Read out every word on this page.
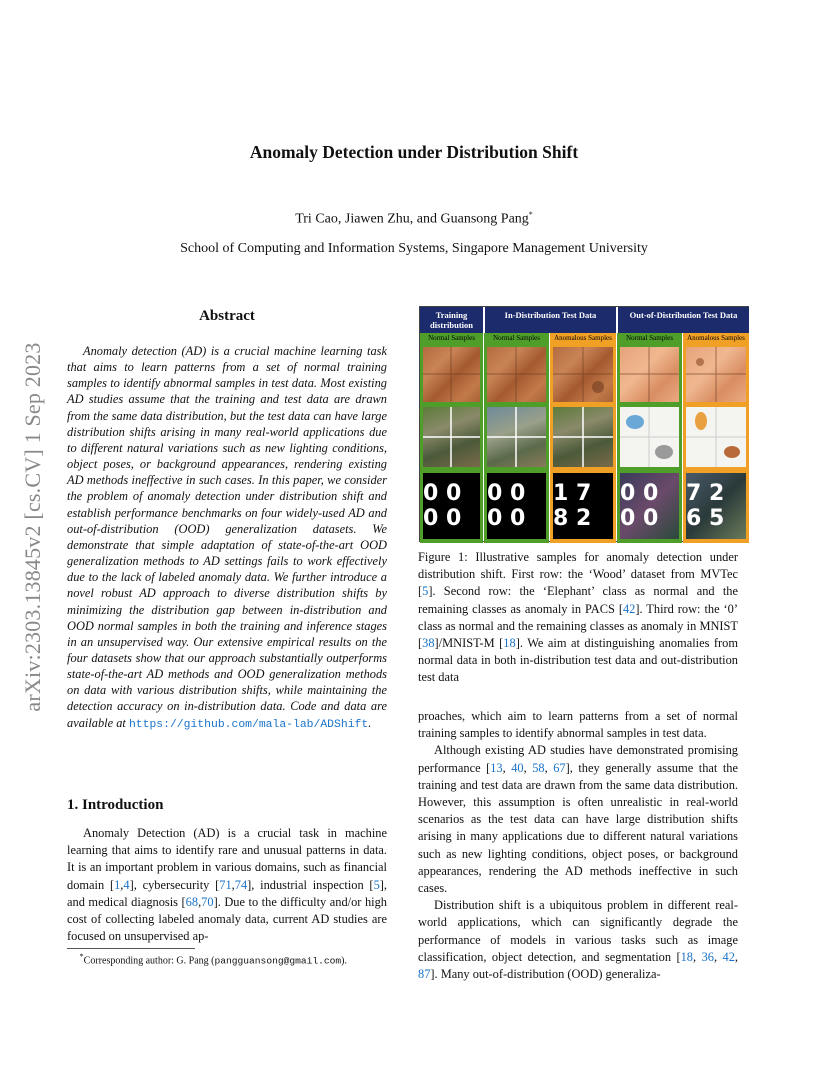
Anomaly Detection under Distribution Shift
Tri Cao, Jiawen Zhu, and Guansong Pang*
School of Computing and Information Systems, Singapore Management University
arXiv:2303.13845v2 [cs.CV] 1 Sep 2023
Abstract

Anomaly detection (AD) is a crucial machine learning task that aims to learn patterns from a set of normal training samples to identify abnormal samples in test data. Most existing AD studies assume that the training and test data are drawn from the same data distribution, but the test data can have large distribution shifts arising in many real-world applications due to different natural variations such as new lighting conditions, object poses, or background appearances, rendering existing AD methods ineffective in such cases. In this paper, we consider the problem of anomaly detection under distribution shift and establish performance benchmarks on four widely-used AD and out-of-distribution (OOD) generalization datasets. We demonstrate that simple adaptation of state-of-the-art OOD generalization methods to AD settings fails to work effectively due to the lack of labeled anomaly data. We further introduce a novel robust AD approach to diverse distribution shifts by minimizing the distribution gap between in-distribution and OOD normal samples in both the training and inference stages in an unsupervised way. Our extensive empirical results on the four datasets show that our approach substantially outperforms state-of-the-art AD methods and OOD generalization methods on data with various distribution shifts, while maintaining the detection accuracy on in-distribution data. Code and data are available at https://github.com/mala-lab/ADShift.

1. Introduction

Anomaly Detection (AD) is a crucial task in machine learning that aims to identify rare and unusual patterns in data. It is an important problem in various domains, such as financial domain [1,4], cybersecurity [71,74], industrial inspection [5], and medical diagnosis [68,70]. Due to the difficulty and/or high cost of collecting labeled anomaly data, current AD studies are focused on unsupervised ap-

*Corresponding author: G. Pang (pangguansong@gmail.com).
Training distribution
In-Distribution Test Data	Out-of-Distribution Test Data
Normal Samples	Normal Samples	Anomalous Samples	Normal Samples	Anomalous Samples
0 0 0 0
0 0 0 0
1 7 8 2
0 0 0 0
7 2 6 5

Figure 1: Illustrative samples for anomaly detection under distribution shift. First row: the ‘Wood’ dataset from MVTec [5]. Second row: the ‘Elephant’ class as normal and the remaining classes as anomaly in PACS [42]. Third row: the ‘0’ class as normal and the remaining classes as anomaly in MNIST [38]/MNIST-M [18]. We aim at distinguishing anomalies from normal data in both in-distribution test data and out-distribution test data

proaches, which aim to learn patterns from a set of normal training samples to identify abnormal samples in test data.

Although existing AD studies have demonstrated promising performance [13, 40, 58, 67], they generally assume that the training and test data are drawn from the same data distribution. However, this assumption is often unrealistic in real-world scenarios as the test data can have large distribution shifts arising in many applications due to different natural variations such as new lighting conditions, object poses, or background appearances, rendering the AD methods ineffective in such cases.

Distribution shift is a ubiquitous problem in different real-world applications, which can significantly degrade the performance of models in various tasks such as image classification, object detection, and segmentation [18, 36, 42, 87]. Many out-of-distribution (OOD) generaliza-
